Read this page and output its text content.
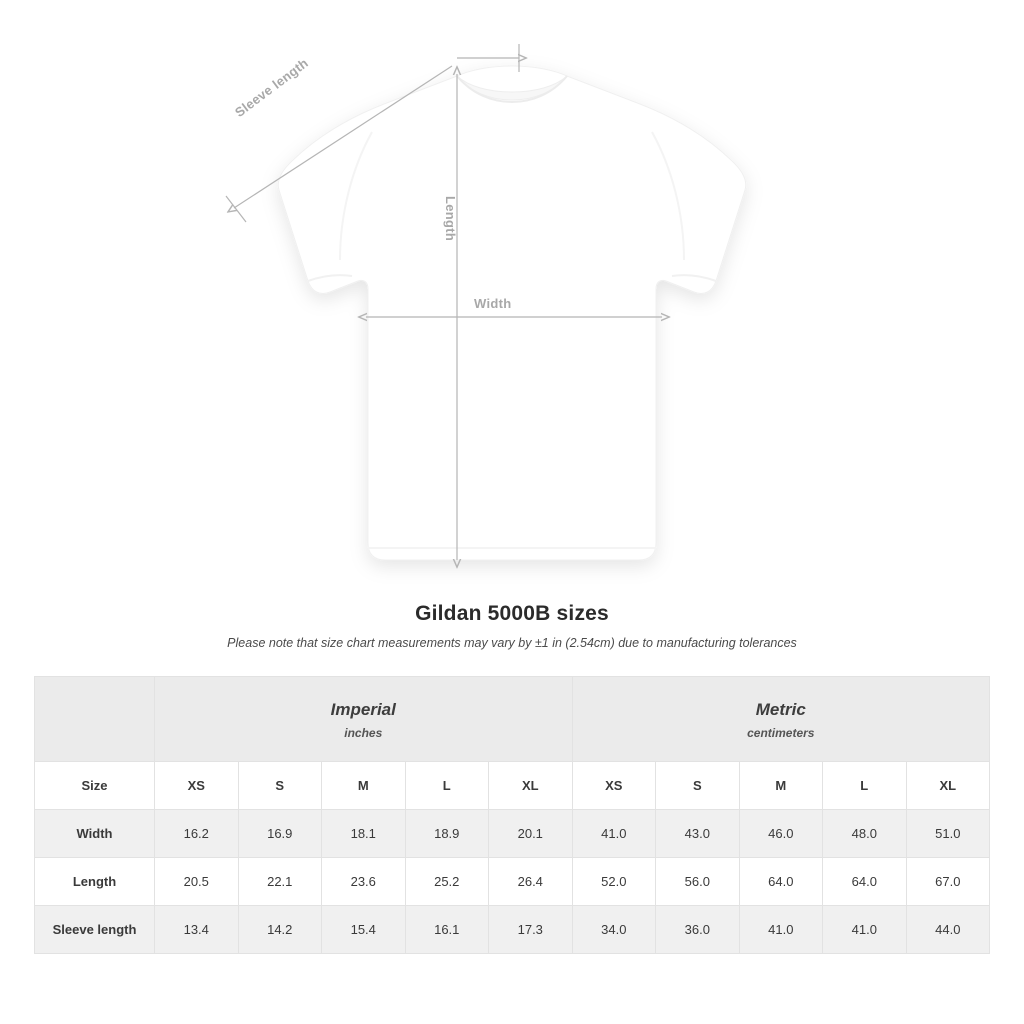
Width
Length
Sleeve length
Gildan 5000B sizes
Please note that size chart measurements may vary by ±1 in (2.54cm) due to manufacturing tolerances

	Imperial
inches					Metric
centimeters				

Size	XS	S	M	L	XL	XS	S	M	L	XL
Width	16.2	16.9	18.1	18.9	20.1	41.0	43.0	46.0	48.0	51.0
Length	20.5	22.1	23.6	25.2	26.4	52.0	56.0	64.0	64.0	67.0
Sleeve length	13.4	14.2	15.4	16.1	17.3	34.0	36.0	41.0	41.0	44.0
